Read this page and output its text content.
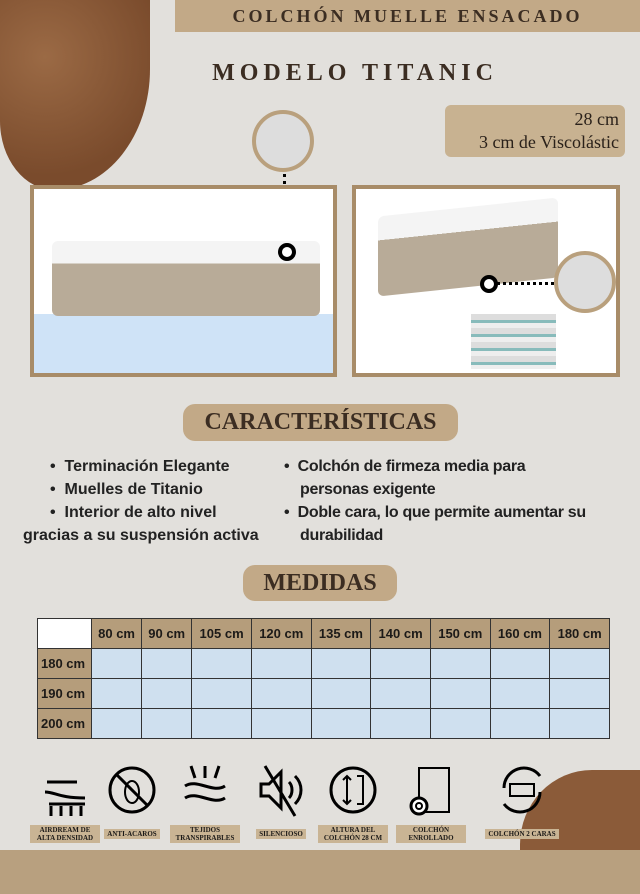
COLCHÓN MUELLE ENSACADO
MODELO TITANIC
28 cm
3 cm de Viscolástic
CARACTERÍSTICAS
•  Terminación Elegante
•  Muelles de Titanio
•  Interior de alto nivel
gracias a su suspensión activa
•  Colchón de firmeza media para
personas exigente
•  Doble cara, lo que permite aumentar su
durabilidad
MEDIDAS
	80 cm	90 cm	105 cm	120 cm	135 cm	140 cm	150 cm	160 cm	180 cm
180 cm									
190 cm									
200 cm									

AIRDREAM DE ALTA DENSIDAD	ANTI-ACAROS	TEJIDOS TRANSPIRABLES	SILENCIOSO	ALTURA DEL COLCHÓN 28 CM

COLCHÓN ENROLLADO	COLCHÓN 2 CARAS
